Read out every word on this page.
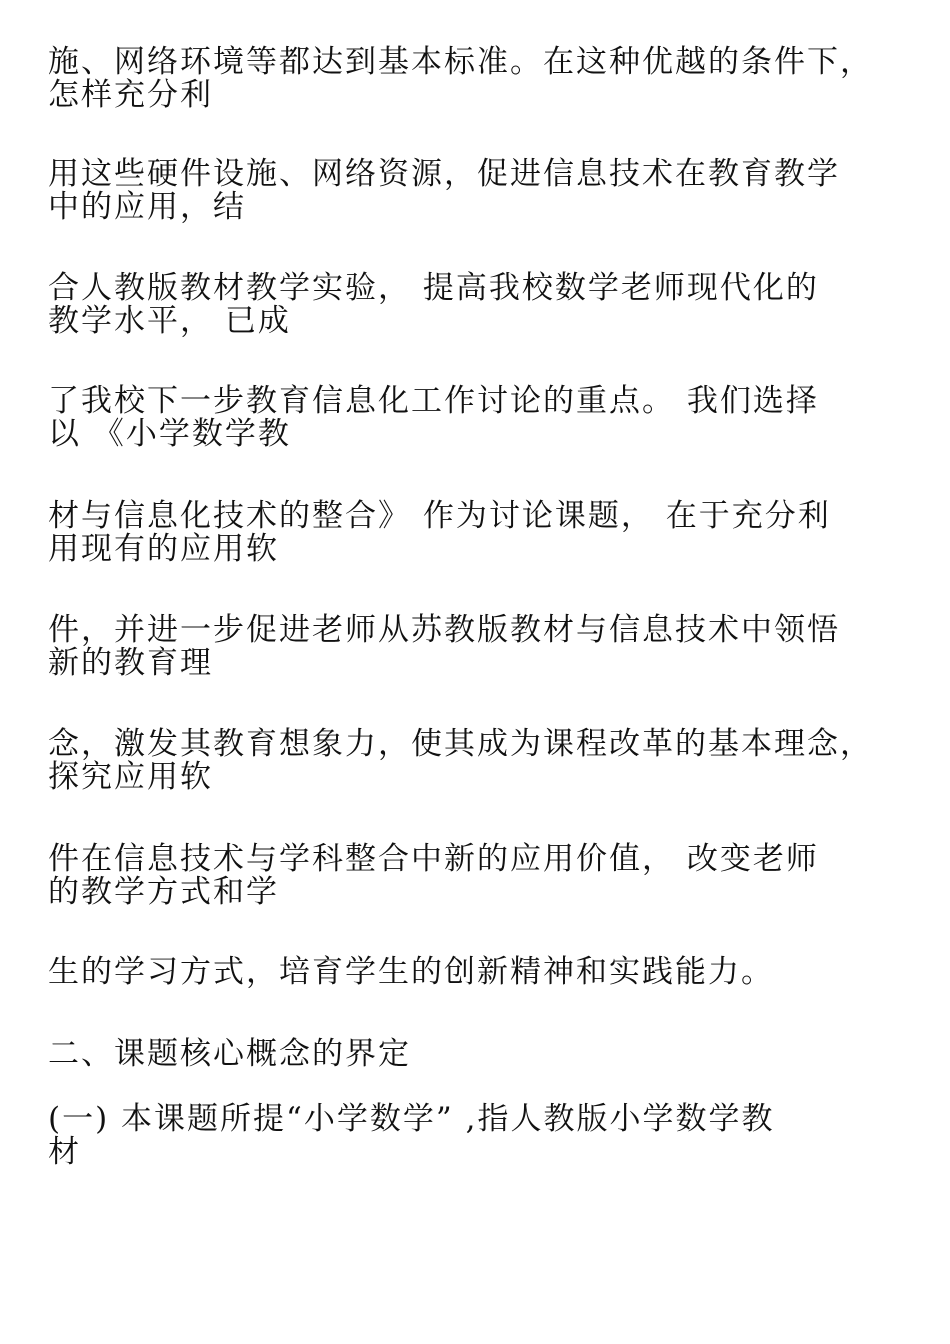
施、网络环境等都达到基本标准。在这种优越的条件下，
怎样充分利

用这些硬件设施、网络资源，促进信息技术在教育教学
中的应用，结

合人教版教材教学实验， 提高我校数学老师现代化的
教学水平， 已成

了我校下一步教育信息化工作讨论的重点。 我们选择
以 《小学数学教

材与信息化技术的整合》 作为讨论课题， 在于充分利
用现有的应用软

件，并进一步促进老师从苏教版教材与信息技术中领悟
新的教育理

念，激发其教育想象力，使其成为课程改革的基本理念，
探究应用软

件在信息技术与学科整合中新的应用价值， 改变老师
的教学方式和学

生的学习方式，培育学生的创新精神和实践能力。

二、课题核心概念的界定

(一) 本课题所提“小学数学” ,指人教版小学数学教
材
